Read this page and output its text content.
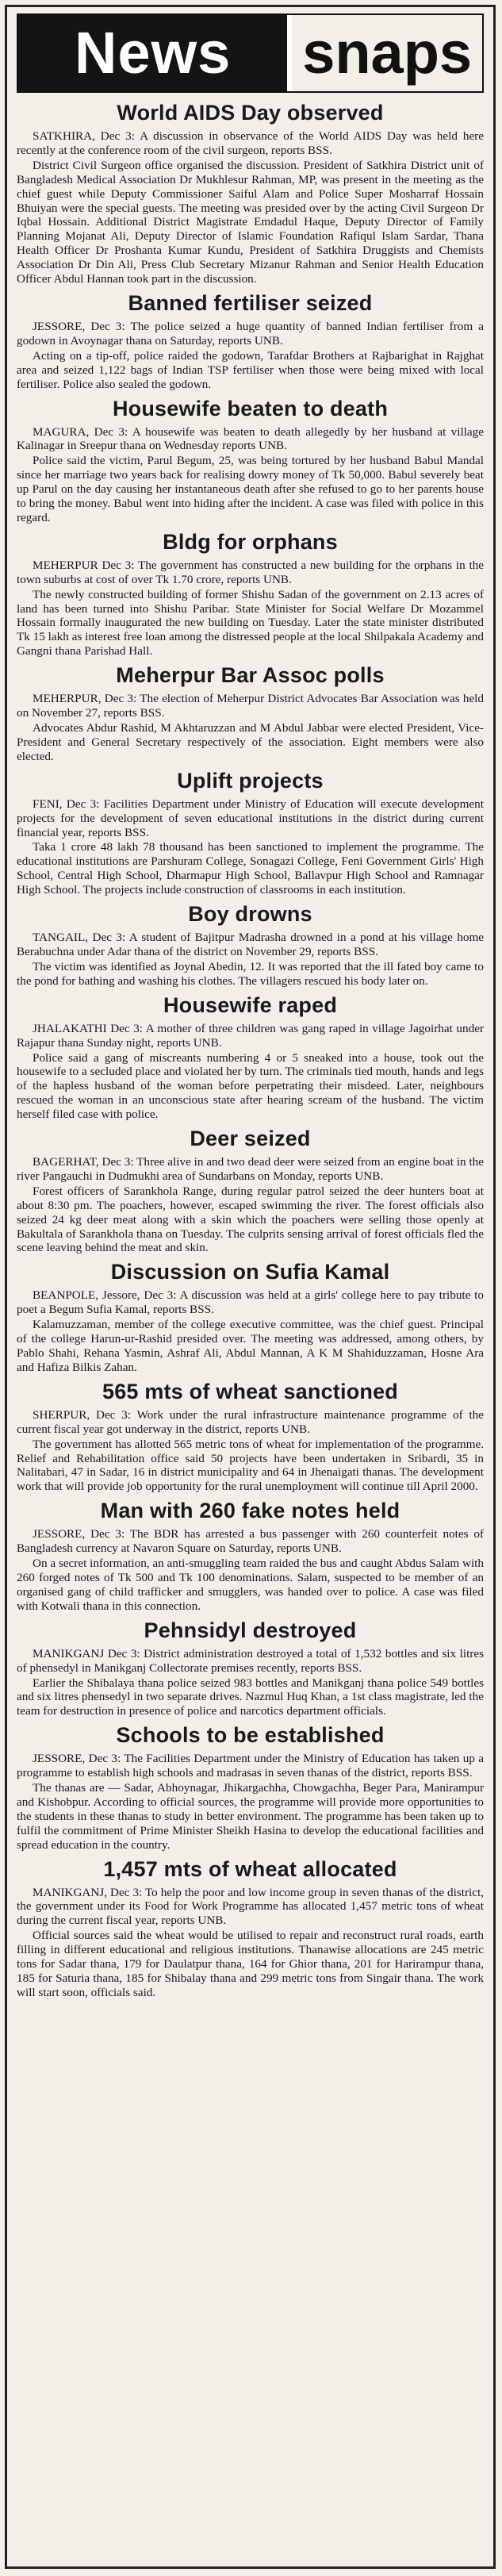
News	snaps
World AIDS Day observed

SATKHIRA, Dec 3: A discussion in observance of the World AIDS Day was held here recently at the conference room of the civil surgeon, reports BSS.

District Civil Surgeon office organised the discussion. President of Satkhira District unit of Bangladesh Medical Association Dr Mukhlesur Rahman, MP, was present in the meeting as the chief guest while Deputy Commissioner Saiful Alam and Police Super Mosharraf Hossain Bhuiyan were the special guests. The meeting was presided over by the acting Civil Surgeon Dr Iqbal Hossain. Additional District Magistrate Emdadul Haque, Deputy Director of Family Planning Mojanat Ali, Deputy Director of Islamic Foundation Rafiqul Islam Sardar, Thana Health Officer Dr Proshanta Kumar Kundu, President of Satkhira Druggists and Chemists Association Dr Din Ali, Press Club Secretary Mizanur Rahman and Senior Health Education Officer Abdul Hannan took part in the discussion.

Banned fertiliser seized

JESSORE, Dec 3: The police seized a huge quantity of banned Indian fertiliser from a godown in Avoynagar thana on Saturday, reports UNB.

Acting on a tip-off, police raided the godown, Tarafdar Brothers at Rajbarighat in Rajghat area and seized 1,122 bags of Indian TSP fertiliser when those were being mixed with local fertiliser. Police also sealed the godown.

Housewife beaten to death

MAGURA, Dec 3: A housewife was beaten to death allegedly by her husband at village Kalinagar in Sreepur thana on Wednesday reports UNB.

Police said the victim, Parul Begum, 25, was being tortured by her husband Babul Mandal since her marriage two years back for realising dowry money of Tk 50,000. Babul severely beat up Parul on the day causing her instantaneous death after she refused to go to her parents house to bring the money. Babul went into hiding after the incident. A case was filed with police in this regard.

Bldg for orphans

MEHERPUR Dec 3: The government has constructed a new building for the orphans in the town suburbs at cost of over Tk 1.70 crore, reports UNB.

The newly constructed building of former Shishu Sadan of the government on 2.13 acres of land has been turned into Shishu Paribar. State Minister for Social Welfare Dr Mozammel Hossain formally inaugurated the new building on Tuesday. Later the state minister distributed Tk 15 lakh as interest free loan among the distressed people at the local Shilpakala Academy and Gangni thana Parishad Hall.

Meherpur Bar Assoc polls

MEHERPUR, Dec 3: The election of Meherpur District Advocates Bar Association was held on November 27, reports BSS.

Advocates Abdur Rashid, M Akhtaruzzan and M Abdul Jabbar were elected President, Vice-President and General Secretary respectively of the association. Eight members were also elected.

Uplift projects

FENI, Dec 3: Facilities Department under Ministry of Education will execute development projects for the development of seven educational institutions in the district during current financial year, reports BSS.

Taka 1 crore 48 lakh 78 thousand has been sanctioned to implement the programme. The educational institutions are Parshuram College, Sonagazi College, Feni Government Girls' High School, Central High School, Dharmapur High School, Ballavpur High School and Ramnagar High School. The projects include construction of classrooms in each institution.

Boy drowns

TANGAIL, Dec 3: A student of Bajitpur Madrasha drowned in a pond at his village home Berabuchna under Adar thana of the district on November 29, reports BSS.

The victim was identified as Joynal Abedin, 12. It was reported that the ill fated boy came to the pond for bathing and washing his clothes. The villagers rescued his body later on.

Housewife raped

JHALAKATHI Dec 3: A mother of three children was gang raped in village Jagoirhat under Rajapur thana Sunday night, reports UNB.

Police said a gang of miscreants numbering 4 or 5 sneaked into a house, took out the housewife to a secluded place and violated her by turn. The criminals tied mouth, hands and legs of the hapless husband of the woman before perpetrating their misdeed. Later, neighbours rescued the woman in an unconscious state after hearing scream of the husband. The victim herself filed case with police.

Deer seized

BAGERHAT, Dec 3: Three alive in and two dead deer were seized from an engine boat in the river Pangauchi in Dudmukhi area of Sundarbans on Monday, reports UNB.

Forest officers of Sarankhola Range, during regular patrol seized the deer hunters boat at about 8:30 pm. The poachers, however, escaped swimming the river. The forest officials also seized 24 kg deer meat along with a skin which the poachers were selling those openly at Bakultala of Sarankhola thana on Tuesday. The culprits sensing arrival of forest officials fled the scene leaving behind the meat and skin.

Discussion on Sufia Kamal

BEANPOLE, Jessore, Dec 3: A discussion was held at a girls' college here to pay tribute to poet a Begum Sufia Kamal, reports BSS.

Kalamuzzaman, member of the college executive committee, was the chief guest. Principal of the college Harun-ur-Rashid presided over. The meeting was addressed, among others, by Pablo Shahi, Rehana Yasmin, Ashraf Ali, Abdul Mannan, A K M Shahiduzzaman, Hosne Ara and Hafiza Bilkis Zahan.

565 mts of wheat sanctioned

SHERPUR, Dec 3: Work under the rural infrastructure maintenance programme of the current fiscal year got underway in the district, reports UNB.

The government has allotted 565 metric tons of wheat for implementation of the programme. Relief and Rehabilitation office said 50 projects have been undertaken in Sribardi, 35 in Nalitabari, 47 in Sadar, 16 in district municipality and 64 in Jhenaigati thanas. The development work that will provide job opportunity for the rural unemployment will continue till April 2000.

Man with 260 fake notes held

JESSORE, Dec 3: The BDR has arrested a bus passenger with 260 counterfeit notes of Bangladesh currency at Navaron Square on Saturday, reports UNB.

On a secret information, an anti-smuggling team raided the bus and caught Abdus Salam with 260 forged notes of Tk 500 and Tk 100 denominations. Salam, suspected to be member of an organised gang of child trafficker and smugglers, was handed over to police. A case was filed with Kotwali thana in this connection.

Pehnsidyl destroyed

MANIKGANJ Dec 3: District administration destroyed a total of 1,532 bottles and six litres of phensedyl in Manikganj Collectorate premises recently, reports BSS.

Earlier the Shibalaya thana police seized 983 bottles and Manikganj thana police 549 bottles and six litres phensedyl in two separate drives. Nazmul Huq Khan, a 1st class magistrate, led the team for destruction in presence of police and narcotics department officials.

Schools to be established

JESSORE, Dec 3: The Facilities Department under the Ministry of Education has taken up a programme to establish high schools and madrasas in seven thanas of the district, reports BSS.

The thanas are — Sadar, Abhoynagar, Jhikargachha, Chowgachha, Beger Para, Manirampur and Kishobpur. According to official sources, the programme will provide more opportunities to the students in these thanas to study in better environment. The programme has been taken up to fulfil the commitment of Prime Minister Sheikh Hasina to develop the educational facilities and spread education in the country.

1,457 mts of wheat allocated

MANIKGANJ, Dec 3: To help the poor and low income group in seven thanas of the district, the government under its Food for Work Programme has allocated 1,457 metric tons of wheat during the current fiscal year, reports UNB.

Official sources said the wheat would be utilised to repair and reconstruct rural roads, earth filling in different educational and religious institutions. Thanawise allocations are 245 metric tons for Sadar thana, 179 for Daulatpur thana, 164 for Ghior thana, 201 for Harirampur thana, 185 for Saturia thana, 185 for Shibalay thana and 299 metric tons from Singair thana. The work will start soon, officials said.
